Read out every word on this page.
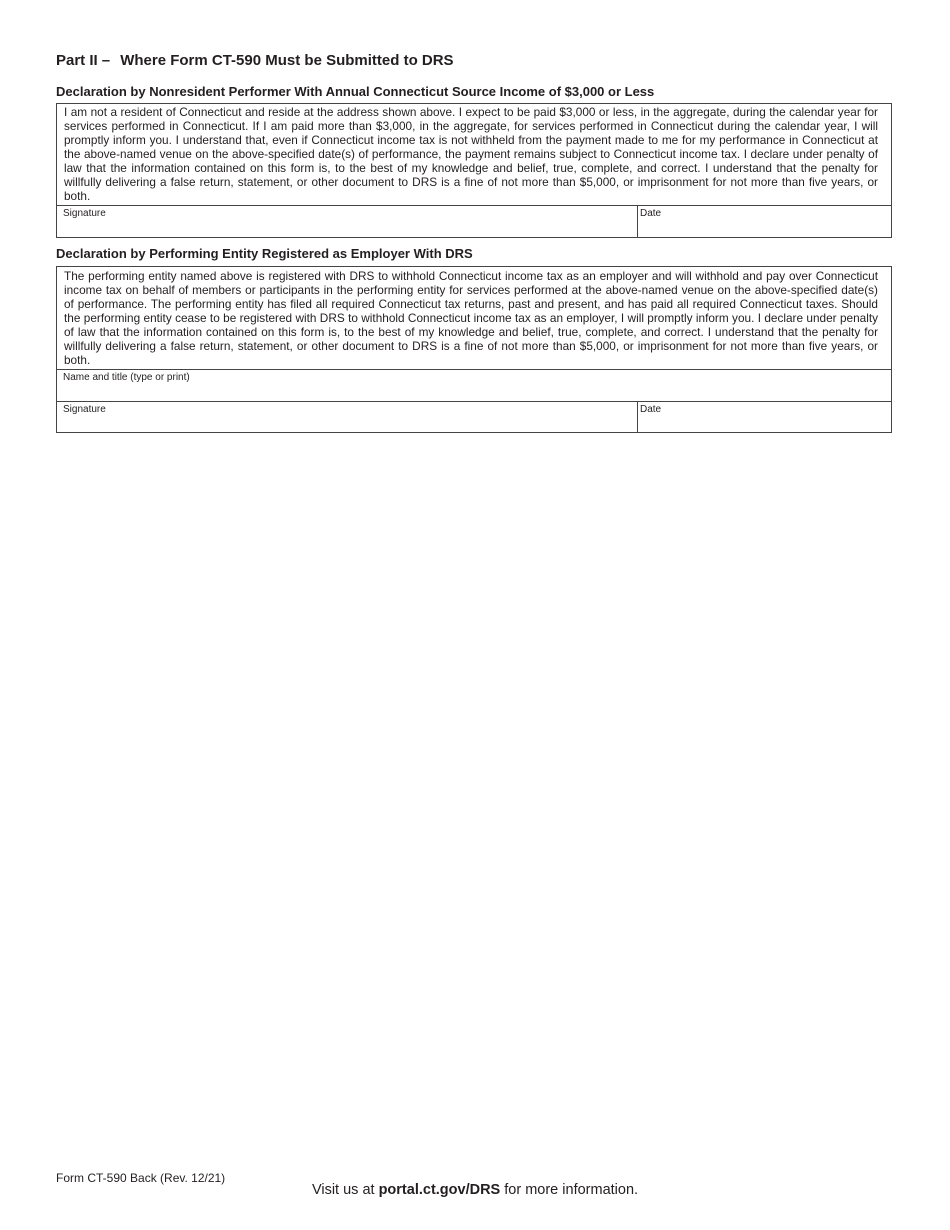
Part II – Where Form CT-590 Must be Submitted to DRS
Declaration by Nonresident Performer With Annual Connecticut Source Income of $3,000 or Less
I am not a resident of Connecticut and reside at the address shown above. I expect to be paid $3,000 or less, in the aggregate, during the calendar year for services performed in Connecticut. If I am paid more than $3,000, in the aggregate, for services performed in Connecticut during the calendar year, I will promptly inform you. I understand that, even if Connecticut income tax is not withheld from the payment made to me for my performance in Connecticut at the above-named venue on the above-specified date(s) of performance, the payment remains subject to Connecticut income tax. I declare under penalty of law that the information contained on this form is, to the best of my knowledge and belief, true, complete, and correct. I understand that the penalty for willfully delivering a false return, statement, or other document to DRS is a fine of not more than $5,000, or imprisonment for not more than five years, or both.
Signature	Date
Declaration by Performing Entity Registered as Employer With DRS
The performing entity named above is registered with DRS to withhold Connecticut income tax as an employer and will withhold and pay over Connecticut income tax on behalf of members or participants in the performing entity for services performed at the above-named venue on the above-specified date(s) of performance. The performing entity has filed all required Connecticut tax returns, past and present, and has paid all required Connecticut taxes. Should the performing entity cease to be registered with DRS to withhold Connecticut income tax as an employer, I will promptly inform you. I declare under penalty of law that the information contained on this form is, to the best of my knowledge and belief, true, complete, and correct. I understand that the penalty for willfully delivering a false return, statement, or other document to DRS is a fine of not more than $5,000, or imprisonment for not more than five years, or both.
Name and title (type or print)
Signature	Date
Form CT-590 Back (Rev. 12/21)
Visit us at portal.ct.gov/DRS for more information.
